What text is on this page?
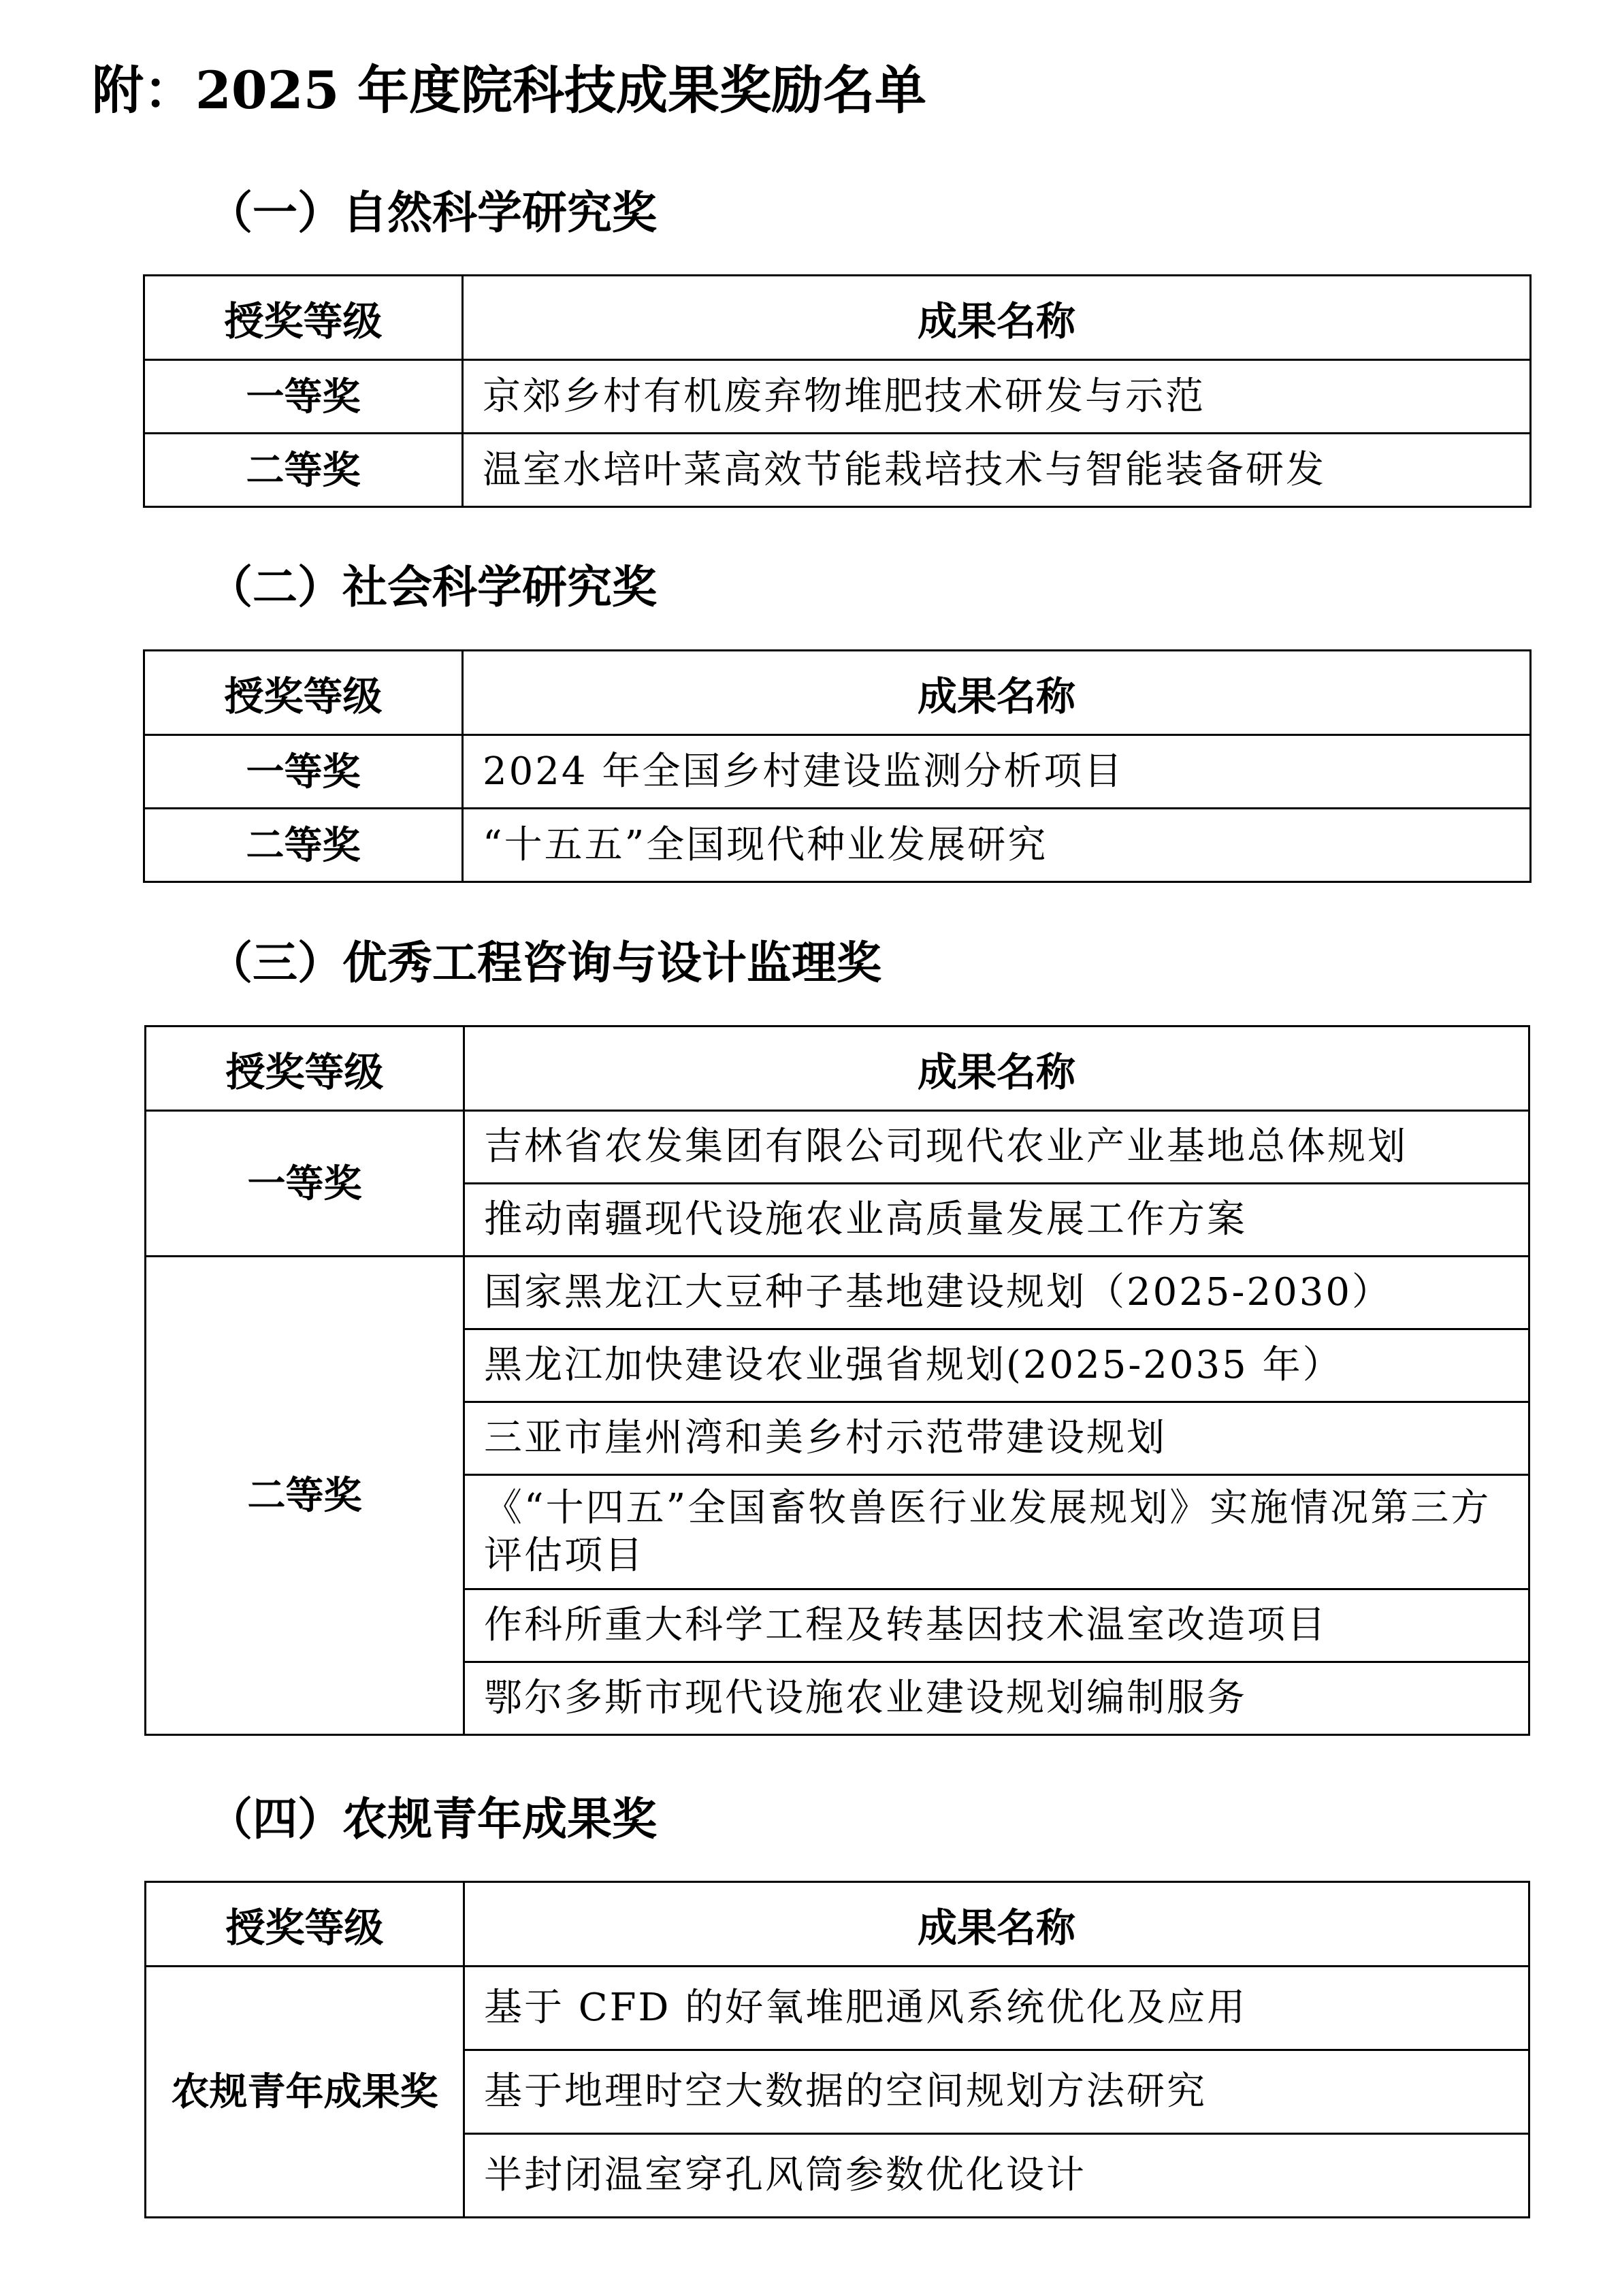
附：2025 年度院科技成果奖励名单
（一）自然科学研究奖
授奖等级	成果名称
一等奖	京郊乡村有机废弃物堆肥技术研发与示范
二等奖	温室水培叶菜高效节能栽培技术与智能装备研发
（二）社会科学研究奖
授奖等级	成果名称
一等奖	2024 年全国乡村建设监测分析项目
二等奖	“十五五”全国现代种业发展研究
（三）优秀工程咨询与设计监理奖
授奖等级	成果名称
一等奖	吉林省农发集团有限公司现代农业产业基地总体规划
	推动南疆现代设施农业高质量发展工作方案
二等奖	国家黑龙江大豆种子基地建设规划（2025-2030）
	黑龙江加快建设农业强省规划(2025-2035 年）
	三亚市崖州湾和美乡村示范带建设规划
	《“十四五”全国畜牧兽医行业发展规划》实施情况第三方评估项目
	作科所重大科学工程及转基因技术温室改造项目
	鄂尔多斯市现代设施农业建设规划编制服务
（四）农规青年成果奖
授奖等级	成果名称
农规青年成果奖	基于 CFD 的好氧堆肥通风系统优化及应用
	基于地理时空大数据的空间规划方法研究
	半封闭温室穿孔风筒参数优化设计
